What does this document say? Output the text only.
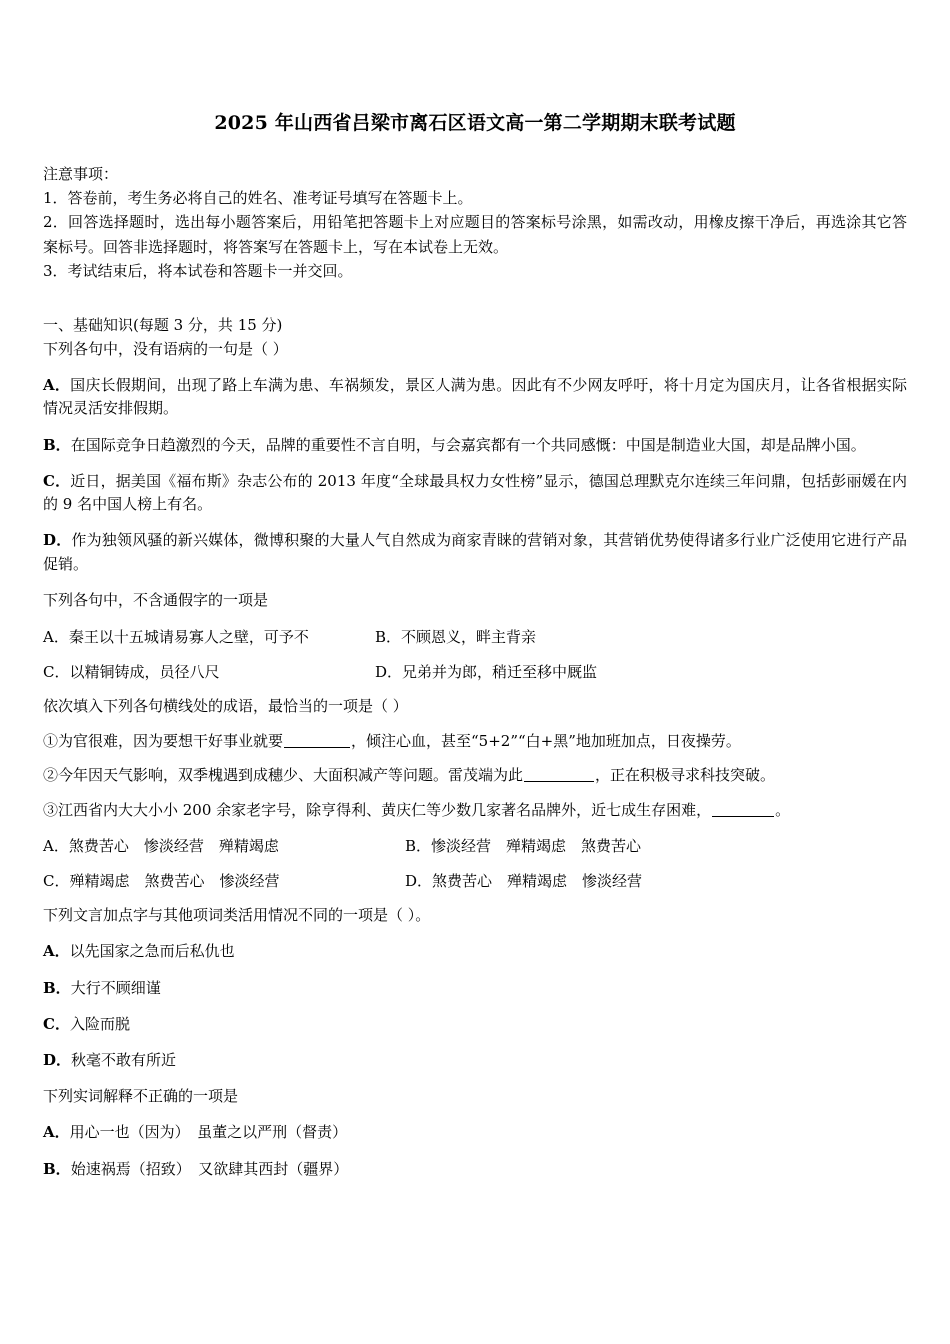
2025 年山西省吕梁市离石区语文高一第二学期期末联考试题
注意事项：
1．答卷前，考生务必将自己的姓名、准考证号填写在答题卡上。
2．回答选择题时，选出每小题答案后，用铅笔把答题卡上对应题目的答案标号涂黑，如需改动，用橡皮擦干净后，再选涂其它答案标号。回答非选择题时，将答案写在答题卡上，写在本试卷上无效。
3．考试结束后，将本试卷和答题卡一并交回。
一、基础知识(每题 3 分，共 15 分)
下列各句中，没有语病的一句是（ ）
A．国庆长假期间，出现了路上车满为患、车祸频发，景区人满为患。因此有不少网友呼吁，将十月定为国庆月，让各省根据实际情况灵活安排假期。
B．在国际竞争日趋激烈的今天，品牌的重要性不言自明，与会嘉宾都有一个共同感慨：中国是制造业大国，却是品牌小国。
C．近日，据美国《福布斯》杂志公布的 2013 年度“全球最具权力女性榜”显示，德国总理默克尔连续三年问鼎，包括彭丽媛在内的 9 名中国人榜上有名。
D．作为独领风骚的新兴媒体，微博积聚的大量人气自然成为商家青睐的营销对象，其营销优势使得诸多行业广泛使用它进行产品促销。
下列各句中，不含通假字的一项是
A．秦王以十五城请易寡人之壁，可予不	B．不顾恩义，畔主背亲
C．以精铜铸成，员径八尺	D．兄弟并为郎，稍迁至移中厩监
依次填入下列各句横线处的成语，最恰当的一项是（ ）
①为官很难，因为要想干好事业就要	，倾注心血，甚至“5+2”“白+黑”地加班加点，日夜操劳。
②今年因天气影响，双季槐遇到成穗少、大面积减产等问题。雷茂端为此	，正在积极寻求科技突破。
③江西省内大大小小 200 余家老字号，除亨得利、黄庆仁等少数几家著名品牌外，近七成生存困难，	。
A．煞费苦心　惨淡经营　殚精竭虑	B．惨淡经营　殚精竭虑　煞费苦心
C．殚精竭虑　煞费苦心　惨淡经营	D．煞费苦心　殚精竭虑　惨淡经营
下列文言加点字与其他项词类活用情况不同的一项是（ ）。
A．以先国家之急而后私仇也
B．大行不顾细谨
C．入险而脱
D．秋毫不敢有所近
下列实词解释不正确的一项是
A．用心一也（因为）　虽董之以严刑（督责）
B．始速祸焉（招致）　又欲肆其西封（疆界）
